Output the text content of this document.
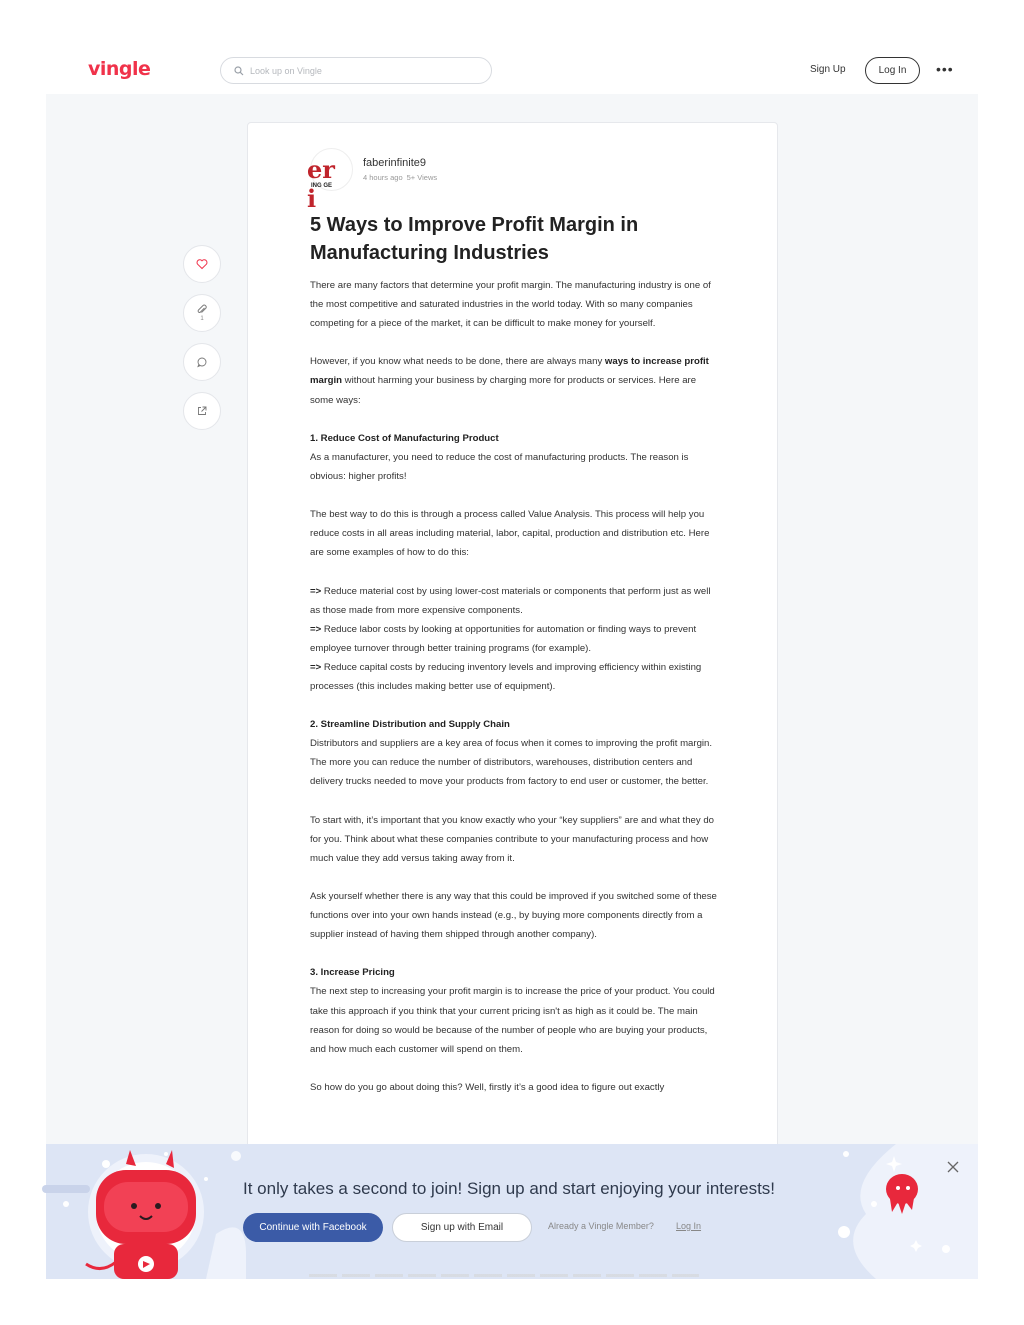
vingle
Look up on Vingle	Sign Up	Log In	•••
1
er i
ING GE
faberinfinite9
4 hours ago 5+ Views
5 Ways to Improve Profit Margin in Manufacturing Industries

There are many factors that determine your profit margin. The manufacturing industry is one of the most competitive and saturated industries in the world today. With so many companies competing for a piece of the market, it can be difficult to make money for yourself.

However, if you know what needs to be done, there are always many ways to increase profit margin without harming your business by charging more for products or services. Here are some ways:

1. Reduce Cost of Manufacturing Product

As a manufacturer, you need to reduce the cost of manufacturing products. The reason is obvious: higher profits!

The best way to do this is through a process called Value Analysis. This process will help you reduce costs in all areas including material, labor, capital, production and distribution etc. Here are some examples of how to do this:

=> Reduce material cost by using lower-cost materials or components that perform just as well as those made from more expensive components.

=> Reduce labor costs by looking at opportunities for automation or finding ways to prevent employee turnover through better training programs (for example).

=> Reduce capital costs by reducing inventory levels and improving efficiency within existing processes (this includes making better use of equipment).

2. Streamline Distribution and Supply Chain

Distributors and suppliers are a key area of focus when it comes to improving the profit margin. The more you can reduce the number of distributors, warehouses, distribution centers and delivery trucks needed to move your products from factory to end user or customer, the better.

To start with, it’s important that you know exactly who your “key suppliers” are and what they do for you. Think about what these companies contribute to your manufacturing process and how much value they add versus taking away from it.

Ask yourself whether there is any way that this could be improved if you switched some of these functions over into your own hands instead (e.g., by buying more components directly from a supplier instead of having them shipped through another company).

3. Increase Pricing

The next step to increasing your profit margin is to increase the price of your product. You could take this approach if you think that your current pricing isn't as high as it could be. The main reason for doing so would be because of the number of people who are buying your products, and how much each customer will spend on them.

So how do you go about doing this? Well, firstly it’s a good idea to figure out exactly

It only takes a second to join! Sign up and start enjoying your interests!
Continue with Facebook	Sign up with Email	Already a Vingle Member? Log In
